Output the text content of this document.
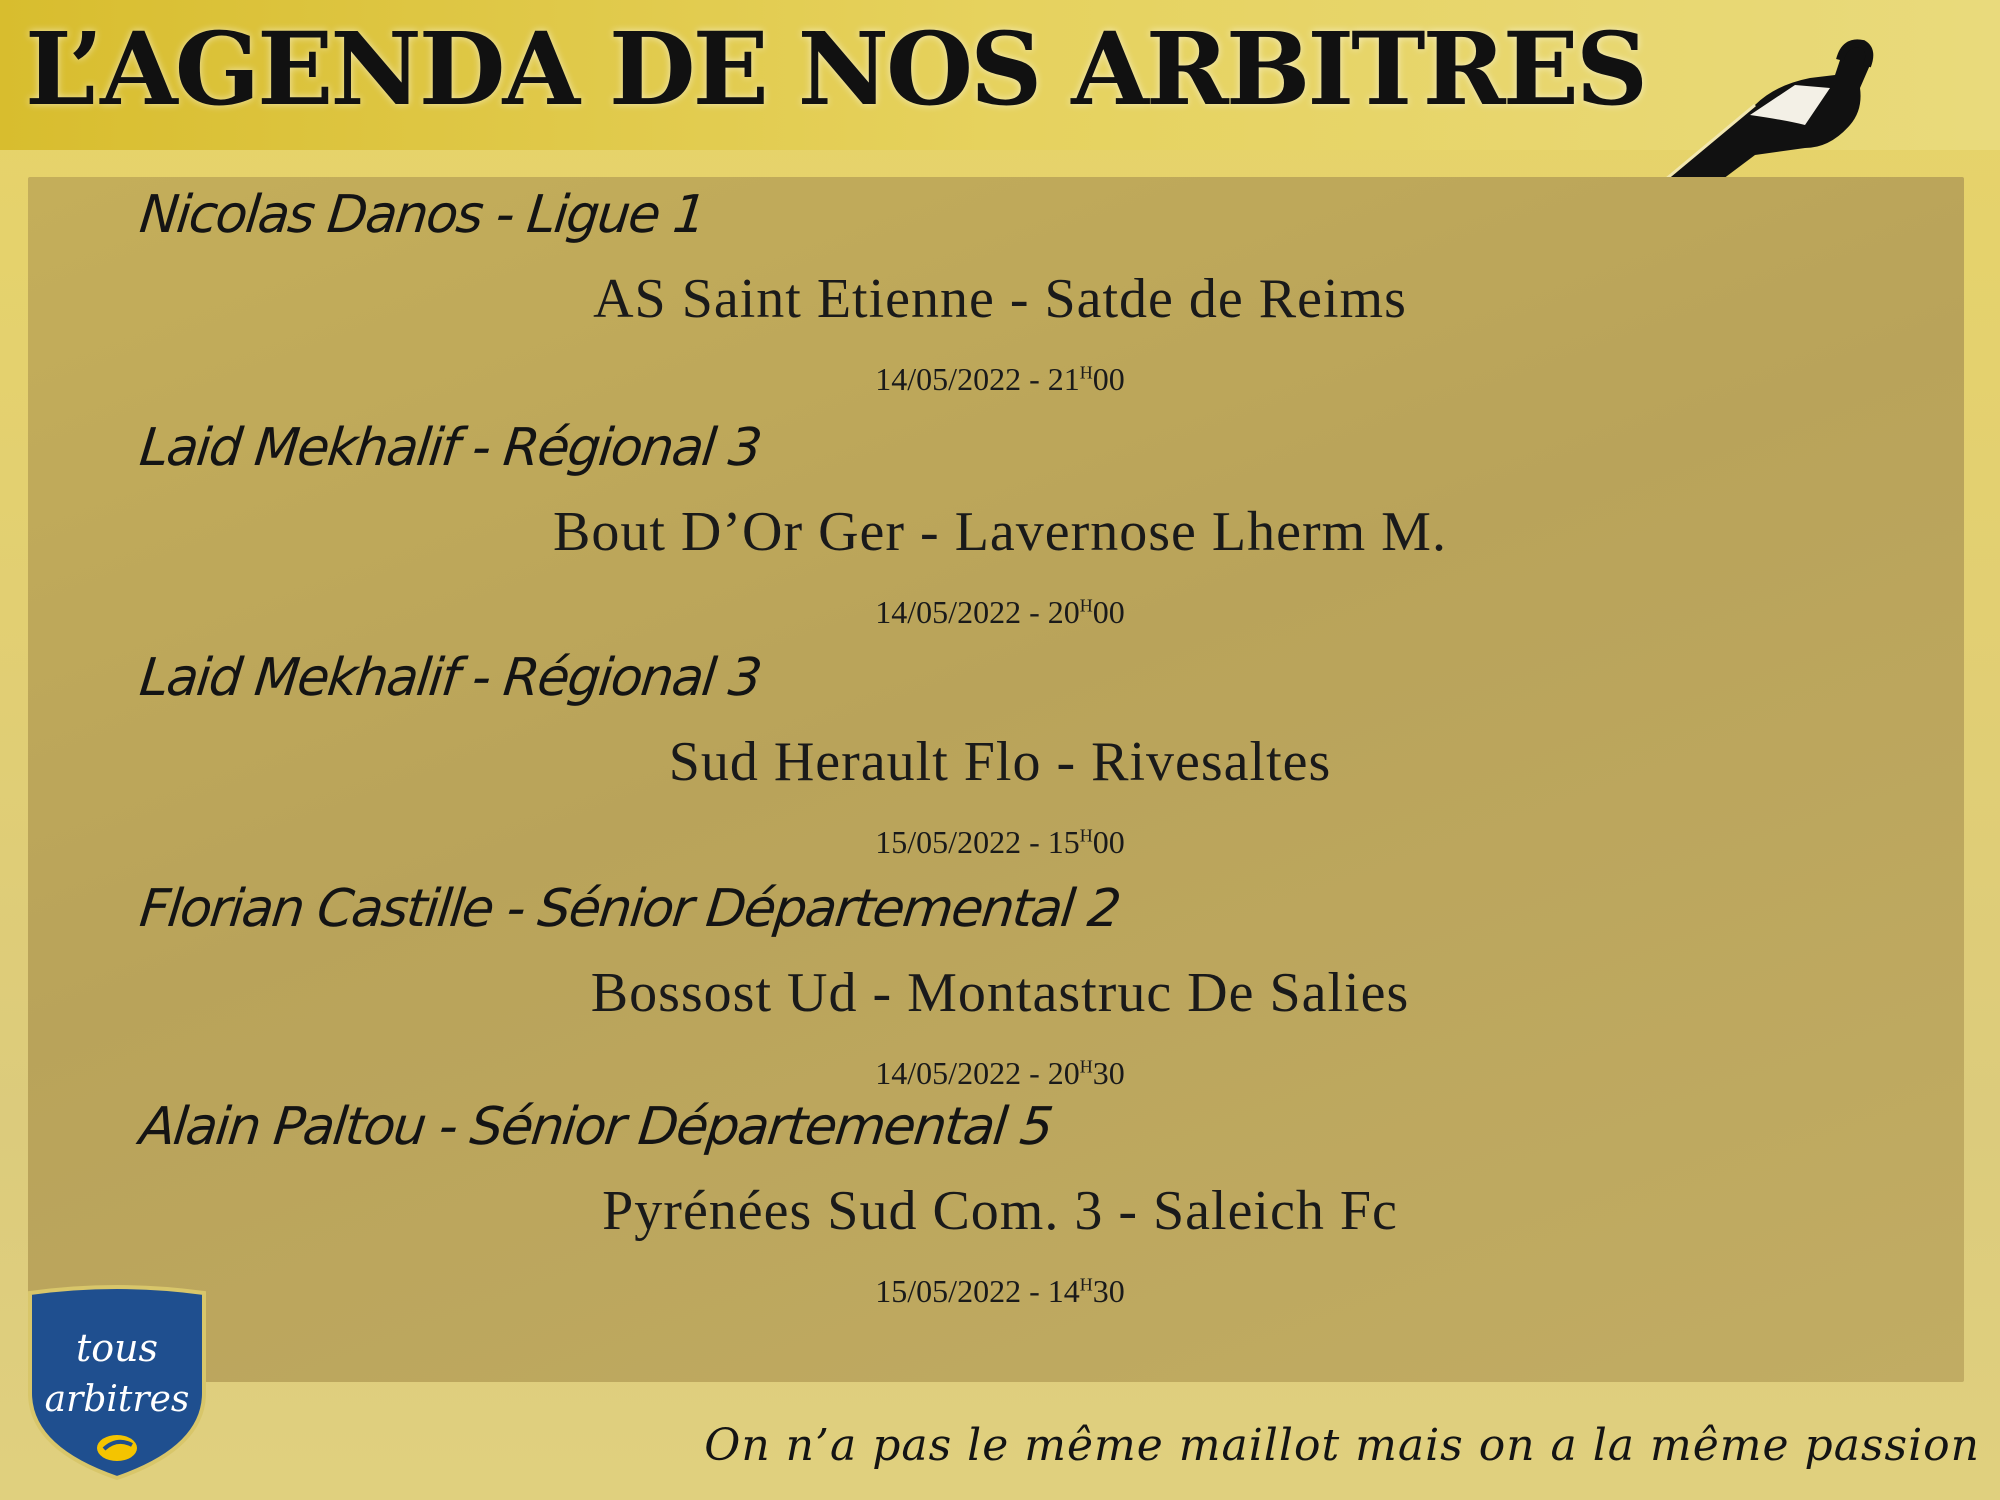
L’AGENDA DE NOS ARBITRES
Nicolas Danos - Ligue 1
AS Saint Etienne - Satde de Reims
$14/05/2022 - 21^H00$
Laid Mekhalif - Régional 3
Bout D’Or Ger - Lavernose Lherm M.
$14/05/2022 - 20^H00$
Laid Mekhalif - Régional 3
Sud Herault Flo - Rivesaltes
$15/05/2022 - 15^H00$
Florian Castille - Sénior Départemental 2
Bossost Ud - Montastruc De Salies
$14/05/2022 - 20^H30$
Alain Paltou - Sénior Départemental 5
Pyrénées Sud Com. 3 - Saleich Fc
$15/05/2022 - 14^H30$
tous
arbitres
On n’a pas le même maillot mais on a la même passion
